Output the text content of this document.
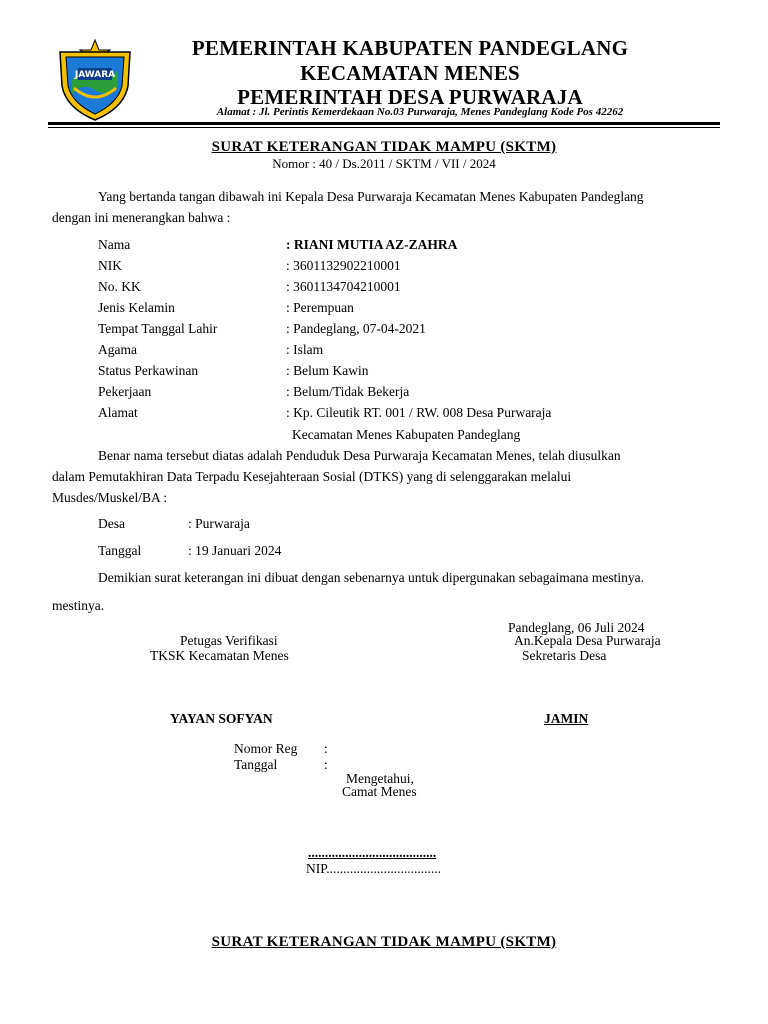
JAWARA
PEMERINTAH KABUPATEN PANDEGLANG
KECAMATAN MENES
PEMERINTAH DESA PURWARAJA
Alamat : Jl. Perintis Kemerdekaan No.03 Purwaraja, Menes Pandeglang Kode Pos 42262
SURAT KETERANGAN TIDAK MAMPU (SKTM)
Nomor : 40 / Ds.2011 / SKTM / VII / 2024
Yang bertanda tangan dibawah ini Kepala Desa Purwaraja Kecamatan Menes Kabupaten Pandeglang
dengan ini menerangkan bahwa :
Nama	: RIANI MUTIA AZ-ZAHRA
NIK	: 3601132902210001
No. KK	: 3601134704210001
Jenis Kelamin	: Perempuan
Tempat Tanggal Lahir	: Pandeglang, 07-04-2021
Agama	: Islam
Status Perkawinan	: Belum Kawin
Pekerjaan	: Belum/Tidak Bekerja
Alamat	: Kp. Cileutik RT. 001 / RW. 008 Desa Purwaraja
Kecamatan Menes Kabupaten Pandeglang
Benar nama tersebut diatas adalah Penduduk Desa Purwaraja Kecamatan Menes, telah diusulkan
dalam Pemutakhiran Data Terpadu Kesejahteraan Sosial (DTKS) yang di selenggarakan melalui
Musdes/Muskel/BA :
Desa	: Purwaraja
Tanggal	: 19 Januari 2024
Demikian surat keterangan ini dibuat dengan sebenarnya untuk dipergunakan sebagaimana mestinya.
mestinya.
Pandeglang, 06 Juli 2024
Petugas Verifikasi	An.Kepala Desa Purwaraja
TKSK Kecamatan Menes	Sekretaris Desa
YAYAN SOFYAN	JAMIN
Nomor Reg :
Tanggal	:
Mengetahui,
Camat Menes
......................................
NIP..................................
SURAT KETERANGAN TIDAK MAMPU (SKTM)
